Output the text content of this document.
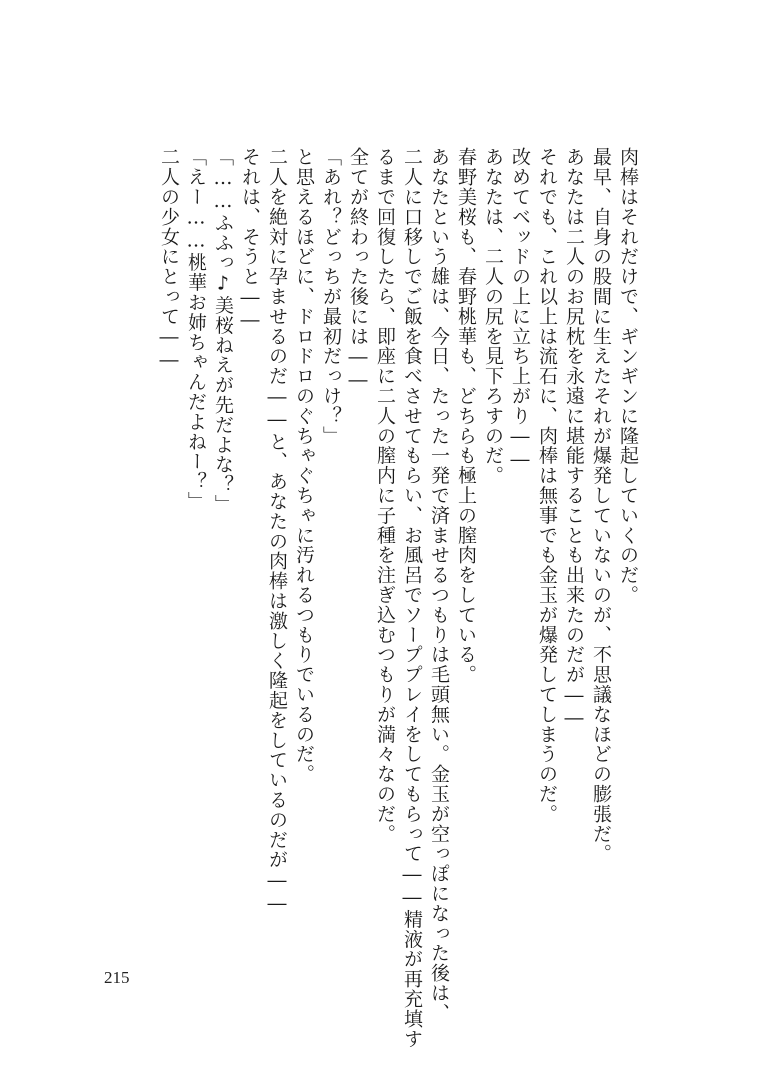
肉棒はそれだけで、ギンギンに隆起していくのだ。
最早、自身の股間に生えたそれが爆発していないのが、不思議なほどの膨張だ。
あなたは二人のお尻枕を永遠に堪能することも出来たのだが――
それでも、これ以上は流石に、肉棒は無事でも金玉が爆発してしまうのだ。
改めてベッドの上に立ち上がり――
あなたは、二人の尻を見下ろすのだ。
春野美桜も、春野桃華も、どちらも極上の膣肉をしている。
あなたという雄は、今日、たった一発で済ませるつもりは毛頭無い。金玉が空っぽになった後は、
二人に口移しでご飯を食べさせてもらい、お風呂でソーププレイをしてもらって――精液が再充填す
るまで回復したら、即座に二人の膣内に子種を注ぎ込むつもりが満々なのだ。
全てが終わった後には――
「あれ？どっちが最初だっけ？」
と思えるほどに、ドロドロのぐちゃぐちゃに汚れるつもりでいるのだ。
二人を絶対に孕ませるのだ――と、あなたの肉棒は激しく隆起をしているのだが――
それは、そうと――
「……ふふっ♪美桜ねえが先だよな？」
「えー……桃華お姉ちゃんだよねー？」
二人の少女にとって――
215
